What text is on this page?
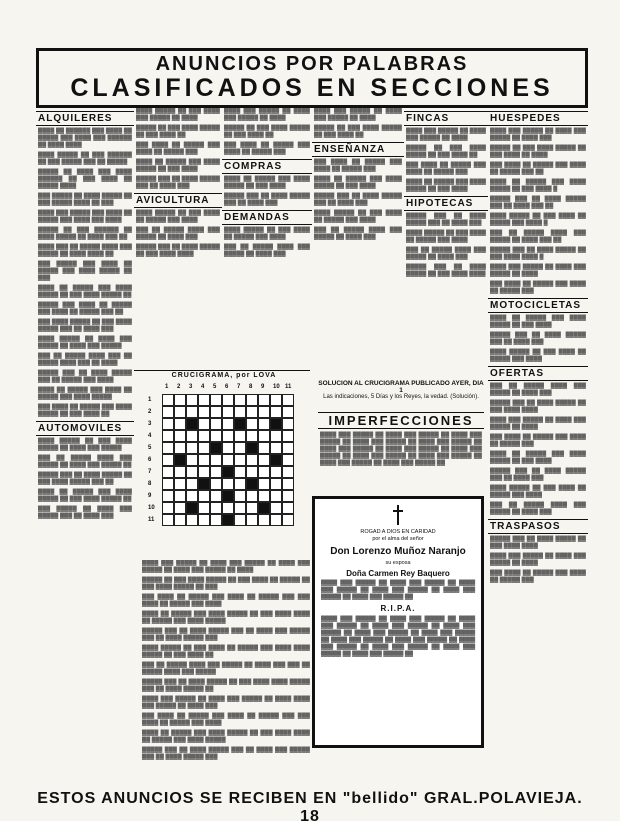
ANUNCIOS POR PALABRAS
CLASIFICADOS EN SECCIONES
ALQUILERES
▓▓▓▓ ▓▓ ▓▓▓▓▓▓ ▓▓▓ ▓▓▓▓ ▓▓ ▓▓▓▓▓ ▓▓▓ ▓▓▓▓ ▓▓▓ ▓▓▓▓▓▓ ▓▓ ▓▓▓▓ ▓▓▓▓
▓▓▓▓ ▓▓▓▓▓ ▓▓ ▓▓▓ ▓▓▓▓▓▓ ▓▓ ▓▓▓ ▓▓▓▓▓ ▓▓▓ ▓▓ ▓▓▓▓▓
▓▓▓▓▓ ▓▓ ▓▓▓▓ ▓▓▓ ▓▓▓▓ ▓▓▓▓▓▓ ▓▓ ▓▓▓ ▓▓▓▓ ▓▓ ▓▓▓▓▓ ▓▓▓▓
▓▓▓ ▓▓▓▓▓ ▓▓ ▓▓▓▓ ▓▓▓▓▓ ▓▓ ▓▓▓ ▓▓▓▓▓ ▓▓▓▓ ▓▓ ▓▓▓
▓▓▓▓ ▓▓▓ ▓▓▓▓▓ ▓▓▓ ▓▓▓▓ ▓▓ ▓▓▓▓▓ ▓▓▓ ▓▓▓▓ ▓▓▓ ▓▓▓▓
▓▓▓▓▓ ▓▓ ▓▓▓ ▓▓▓▓▓▓ ▓▓ ▓▓▓▓ ▓▓▓▓▓ ▓▓ ▓▓▓▓ ▓▓▓ ▓▓
▓▓▓▓ ▓▓▓ ▓▓ ▓▓▓▓▓ ▓▓▓▓ ▓▓▓ ▓▓▓▓▓ ▓▓ ▓▓▓▓ ▓▓▓▓ ▓▓
▓▓▓ ▓▓▓▓▓ ▓▓▓ ▓▓▓▓ ▓▓ ▓▓▓▓▓ ▓▓▓ ▓▓▓▓ ▓▓▓▓▓ ▓▓ ▓▓▓
▓▓▓▓ ▓▓ ▓▓▓▓▓ ▓▓▓ ▓▓▓▓ ▓▓▓▓▓ ▓▓ ▓▓▓ ▓▓▓▓ ▓▓▓▓▓ ▓▓
▓▓▓▓▓ ▓▓▓ ▓▓▓▓ ▓▓ ▓▓▓▓▓ ▓▓▓ ▓▓▓▓ ▓▓ ▓▓▓▓▓ ▓▓▓ ▓▓
▓▓▓ ▓▓▓▓ ▓▓▓▓▓ ▓▓ ▓▓▓ ▓▓▓▓ ▓▓▓▓▓ ▓▓▓ ▓▓ ▓▓▓▓ ▓▓▓
▓▓▓▓ ▓▓▓▓▓ ▓▓ ▓▓▓▓ ▓▓▓ ▓▓▓▓▓ ▓▓ ▓▓▓▓ ▓▓▓ ▓▓▓▓▓
▓▓▓ ▓▓ ▓▓▓▓▓ ▓▓▓▓ ▓▓▓ ▓▓ ▓▓▓▓▓ ▓▓▓▓ ▓▓▓ ▓▓ ▓▓▓▓
▓▓▓▓▓ ▓▓▓ ▓▓ ▓▓▓▓ ▓▓▓▓▓ ▓▓▓ ▓▓ ▓▓▓▓▓ ▓▓▓ ▓▓▓▓
▓▓▓▓ ▓▓ ▓▓▓▓▓ ▓▓▓ ▓▓▓▓ ▓▓ ▓▓▓▓▓ ▓▓▓ ▓▓▓▓ ▓▓▓▓▓
▓▓▓ ▓▓▓▓ ▓▓ ▓▓▓▓▓ ▓▓▓ ▓▓▓▓ ▓▓▓▓▓ ▓▓ ▓▓▓ ▓▓▓▓ ▓▓
AUTOMOVILES
▓▓▓▓ ▓▓▓▓▓ ▓▓ ▓▓▓ ▓▓▓▓ ▓▓▓▓▓ ▓▓ ▓▓▓▓ ▓▓▓ ▓▓▓▓▓
▓▓▓ ▓▓ ▓▓▓▓▓ ▓▓▓▓ ▓▓▓ ▓▓▓▓▓ ▓▓ ▓▓▓▓ ▓▓▓ ▓▓▓▓▓ ▓▓
▓▓▓▓▓ ▓▓▓ ▓▓ ▓▓▓▓ ▓▓▓▓▓ ▓▓ ▓▓▓ ▓▓▓▓ ▓▓▓▓▓ ▓▓▓ ▓▓
▓▓▓▓ ▓▓ ▓▓▓▓▓ ▓▓▓ ▓▓▓▓ ▓▓▓▓▓ ▓▓ ▓▓▓ ▓▓▓▓ ▓▓▓▓▓ ▓▓
▓▓▓ ▓▓▓▓▓ ▓▓ ▓▓▓▓ ▓▓▓ ▓▓▓▓▓ ▓▓▓ ▓▓ ▓▓▓▓ ▓▓▓
▓▓▓▓ ▓▓▓▓▓ ▓▓ ▓▓▓ ▓▓▓▓ ▓▓▓ ▓▓▓▓▓ ▓▓ ▓▓▓▓
▓▓▓▓▓ ▓▓ ▓▓▓ ▓▓▓▓ ▓▓▓▓▓ ▓▓ ▓▓▓ ▓▓▓▓ ▓▓
▓▓▓ ▓▓▓▓ ▓▓ ▓▓▓▓▓ ▓▓▓ ▓▓▓▓ ▓▓ ▓▓▓▓▓ ▓▓▓
▓▓▓▓ ▓▓ ▓▓▓▓▓ ▓▓▓ ▓▓▓▓ ▓▓▓▓▓ ▓▓ ▓▓▓ ▓▓▓▓
▓▓▓▓▓ ▓▓▓ ▓▓ ▓▓▓▓ ▓▓▓▓▓ ▓▓▓ ▓▓ ▓▓▓▓ ▓▓▓
AVICULTURA
▓▓▓▓ ▓▓▓▓▓ ▓▓ ▓▓▓ ▓▓▓▓ ▓▓ ▓▓▓▓▓ ▓▓▓ ▓▓▓▓
▓▓▓ ▓▓ ▓▓▓▓▓ ▓▓▓▓ ▓▓▓ ▓▓▓▓▓ ▓▓ ▓▓▓▓ ▓▓▓
▓▓▓▓▓ ▓▓▓ ▓▓ ▓▓▓▓ ▓▓▓▓▓ ▓▓ ▓▓▓ ▓▓▓▓ ▓▓▓▓
▓▓▓▓ ▓▓▓ ▓▓▓▓▓ ▓▓ ▓▓▓▓ ▓▓▓ ▓▓▓▓▓ ▓▓ ▓▓▓▓
▓▓▓▓▓ ▓▓ ▓▓▓ ▓▓▓▓ ▓▓▓▓▓ ▓▓ ▓▓▓ ▓▓▓▓ ▓▓
▓▓▓ ▓▓▓▓ ▓▓ ▓▓▓▓▓ ▓▓▓ ▓▓▓▓ ▓▓ ▓▓▓▓▓ ▓▓▓
COMPRAS
▓▓▓▓ ▓▓ ▓▓▓▓▓ ▓▓▓ ▓▓▓▓ ▓▓▓▓▓ ▓▓ ▓▓▓ ▓▓▓▓
▓▓▓▓▓ ▓▓▓ ▓▓ ▓▓▓▓ ▓▓▓▓▓ ▓▓▓ ▓▓ ▓▓▓▓ ▓▓▓
DEMANDAS
▓▓▓▓ ▓▓▓▓▓ ▓▓ ▓▓▓ ▓▓▓▓ ▓▓ ▓▓▓▓▓ ▓▓▓ ▓▓▓▓
▓▓▓ ▓▓ ▓▓▓▓▓ ▓▓▓▓ ▓▓▓ ▓▓▓▓▓ ▓▓ ▓▓▓▓ ▓▓▓
▓▓▓▓ ▓▓▓ ▓▓▓▓▓ ▓▓ ▓▓▓▓ ▓▓▓ ▓▓▓▓▓ ▓▓ ▓▓▓▓
▓▓▓▓▓ ▓▓ ▓▓▓ ▓▓▓▓ ▓▓▓▓▓ ▓▓ ▓▓▓ ▓▓▓▓ ▓▓
ENSEÑANZA
▓▓▓ ▓▓▓▓ ▓▓ ▓▓▓▓▓ ▓▓▓ ▓▓▓▓ ▓▓ ▓▓▓▓▓ ▓▓▓
▓▓▓▓ ▓▓ ▓▓▓▓▓ ▓▓▓ ▓▓▓▓ ▓▓▓▓▓ ▓▓ ▓▓▓ ▓▓▓▓
▓▓▓▓▓ ▓▓▓ ▓▓ ▓▓▓▓ ▓▓▓▓▓ ▓▓▓ ▓▓ ▓▓▓▓ ▓▓▓
▓▓▓▓ ▓▓▓▓▓ ▓▓ ▓▓▓ ▓▓▓▓ ▓▓ ▓▓▓▓▓ ▓▓▓ ▓▓▓▓
▓▓▓ ▓▓ ▓▓▓▓▓ ▓▓▓▓ ▓▓▓ ▓▓▓▓▓ ▓▓ ▓▓▓▓ ▓▓▓
FINCAS
▓▓▓▓ ▓▓▓ ▓▓▓▓▓ ▓▓ ▓▓▓▓ ▓▓▓ ▓▓▓▓▓ ▓▓ ▓▓▓▓
▓▓▓▓▓ ▓▓ ▓▓▓ ▓▓▓▓ ▓▓▓▓▓ ▓▓ ▓▓▓ ▓▓▓▓ ▓▓
▓▓▓ ▓▓▓▓ ▓▓ ▓▓▓▓▓ ▓▓▓ ▓▓▓▓ ▓▓ ▓▓▓▓▓ ▓▓▓
▓▓▓▓ ▓▓ ▓▓▓▓▓ ▓▓▓ ▓▓▓▓ ▓▓▓▓▓ ▓▓ ▓▓▓ ▓▓▓▓
HIPOTECAS
▓▓▓▓▓ ▓▓▓ ▓▓ ▓▓▓▓ ▓▓▓▓▓ ▓▓▓ ▓▓ ▓▓▓▓ ▓▓▓
▓▓▓▓ ▓▓▓▓▓ ▓▓ ▓▓▓ ▓▓▓▓ ▓▓ ▓▓▓▓▓ ▓▓▓ ▓▓▓▓
▓▓▓ ▓▓ ▓▓▓▓▓ ▓▓▓▓ ▓▓▓ ▓▓▓▓▓ ▓▓ ▓▓▓▓ ▓▓▓
▓▓▓▓▓ ▓▓▓ ▓▓ ▓▓▓▓ ▓▓▓▓▓ ▓▓ ▓▓▓ ▓▓▓▓ ▓▓▓▓
HUESPEDES
▓▓▓▓ ▓▓▓ ▓▓▓▓▓ ▓▓ ▓▓▓▓ ▓▓▓ ▓▓▓▓▓ ▓▓ ▓▓▓▓ ▓▓▓
▓▓▓▓▓ ▓▓ ▓▓▓ ▓▓▓▓ ▓▓▓▓▓ ▓▓ ▓▓▓ ▓▓▓▓ ▓▓ ▓▓▓▓
▓▓▓ ▓▓▓▓ ▓▓ ▓▓▓▓▓ ▓▓▓ ▓▓▓▓ ▓▓ ▓▓▓▓▓ ▓▓▓ ▓▓
▓▓▓▓ ▓▓ ▓▓▓▓▓ ▓▓▓ ▓▓▓▓ ▓▓▓▓▓ ▓▓ ▓▓▓ ▓▓▓▓ ▓
▓▓▓▓▓ ▓▓▓ ▓▓ ▓▓▓▓ ▓▓▓▓▓ ▓▓▓ ▓▓ ▓▓▓▓ ▓▓▓ ▓▓
▓▓▓▓ ▓▓▓▓▓ ▓▓ ▓▓▓ ▓▓▓▓ ▓▓ ▓▓▓▓▓ ▓▓▓ ▓▓▓▓ ▓
▓▓▓ ▓▓ ▓▓▓▓▓ ▓▓▓▓ ▓▓▓ ▓▓▓▓▓ ▓▓ ▓▓▓▓ ▓▓▓ ▓▓
▓▓▓▓▓ ▓▓▓ ▓▓ ▓▓▓▓ ▓▓▓▓▓ ▓▓ ▓▓▓ ▓▓▓▓ ▓▓▓▓ ▓
▓▓▓▓ ▓▓▓ ▓▓▓▓▓ ▓▓ ▓▓▓▓ ▓▓▓ ▓▓▓▓▓ ▓▓ ▓▓▓▓
▓▓▓ ▓▓▓▓ ▓▓ ▓▓▓▓▓ ▓▓▓ ▓▓▓▓ ▓▓ ▓▓▓▓▓ ▓▓▓
MOTOCICLETAS
▓▓▓▓ ▓▓ ▓▓▓▓▓ ▓▓▓ ▓▓▓▓ ▓▓▓▓▓ ▓▓ ▓▓▓ ▓▓▓▓
▓▓▓▓▓ ▓▓▓ ▓▓ ▓▓▓▓ ▓▓▓▓▓ ▓▓▓ ▓▓ ▓▓▓▓ ▓▓▓
▓▓▓▓ ▓▓▓▓▓ ▓▓ ▓▓▓ ▓▓▓▓ ▓▓ ▓▓▓▓▓ ▓▓▓ ▓▓▓▓
OFERTAS
▓▓▓ ▓▓ ▓▓▓▓▓ ▓▓▓▓ ▓▓▓ ▓▓▓▓▓ ▓▓ ▓▓▓▓ ▓▓▓
▓▓▓▓▓ ▓▓▓ ▓▓ ▓▓▓▓ ▓▓▓▓▓ ▓▓ ▓▓▓ ▓▓▓▓ ▓▓▓▓
▓▓▓▓ ▓▓▓ ▓▓▓▓▓ ▓▓ ▓▓▓▓ ▓▓▓ ▓▓▓▓▓ ▓▓ ▓▓▓▓
▓▓▓ ▓▓▓▓ ▓▓ ▓▓▓▓▓ ▓▓▓ ▓▓▓▓ ▓▓ ▓▓▓▓▓ ▓▓▓
▓▓▓▓ ▓▓ ▓▓▓▓▓ ▓▓▓ ▓▓▓▓ ▓▓▓▓▓ ▓▓ ▓▓▓ ▓▓▓▓
▓▓▓▓▓ ▓▓▓ ▓▓ ▓▓▓▓ ▓▓▓▓▓ ▓▓▓ ▓▓ ▓▓▓▓ ▓▓▓
▓▓▓▓ ▓▓▓▓▓ ▓▓ ▓▓▓ ▓▓▓▓ ▓▓ ▓▓▓▓▓ ▓▓▓ ▓▓▓▓
▓▓▓ ▓▓ ▓▓▓▓▓ ▓▓▓▓ ▓▓▓ ▓▓▓▓▓ ▓▓ ▓▓▓▓ ▓▓▓
TRASPASOS
▓▓▓▓▓ ▓▓▓ ▓▓ ▓▓▓▓ ▓▓▓▓▓ ▓▓ ▓▓▓ ▓▓▓▓ ▓▓▓▓
▓▓▓▓ ▓▓▓ ▓▓▓▓▓ ▓▓ ▓▓▓▓ ▓▓▓ ▓▓▓▓▓ ▓▓ ▓▓▓▓
▓▓▓ ▓▓▓▓ ▓▓ ▓▓▓▓▓ ▓▓▓ ▓▓▓▓ ▓▓ ▓▓▓▓▓ ▓▓▓
CRUCIGRAMA, por LOVA
1 2 3 4 5 6 7 8 9 10 11
1
2
3
4
5
6
7
8
9
10
11
▓▓▓▓ ▓▓▓ ▓▓▓▓▓ ▓▓ ▓▓▓▓ ▓▓▓ ▓▓▓▓▓ ▓▓ ▓▓▓▓ ▓▓▓ ▓▓▓▓▓ ▓▓ ▓▓▓▓ ▓▓▓ ▓▓▓▓▓ ▓▓ ▓▓▓▓
▓▓▓▓▓ ▓▓ ▓▓▓ ▓▓▓▓ ▓▓▓▓▓ ▓▓ ▓▓▓ ▓▓▓▓ ▓▓ ▓▓▓▓▓ ▓▓ ▓▓▓ ▓▓▓▓ ▓▓▓▓▓ ▓▓ ▓▓▓
▓▓▓ ▓▓▓▓ ▓▓ ▓▓▓▓▓ ▓▓▓ ▓▓▓▓ ▓▓ ▓▓▓▓▓ ▓▓▓ ▓▓▓ ▓▓▓▓ ▓▓ ▓▓▓▓▓ ▓▓▓ ▓▓▓▓
▓▓▓▓ ▓▓ ▓▓▓▓▓ ▓▓▓ ▓▓▓▓ ▓▓▓▓▓ ▓▓ ▓▓▓ ▓▓▓▓ ▓▓▓▓ ▓▓ ▓▓▓▓▓ ▓▓▓ ▓▓▓▓ ▓▓▓▓▓
▓▓▓▓▓ ▓▓▓ ▓▓ ▓▓▓▓ ▓▓▓▓▓ ▓▓▓ ▓▓ ▓▓▓▓ ▓▓▓ ▓▓▓▓▓ ▓▓▓ ▓▓ ▓▓▓▓ ▓▓▓▓▓ ▓▓▓
▓▓▓▓ ▓▓▓▓▓ ▓▓ ▓▓▓ ▓▓▓▓ ▓▓ ▓▓▓▓▓ ▓▓▓ ▓▓▓▓ ▓▓▓▓ ▓▓▓▓▓ ▓▓ ▓▓▓ ▓▓▓▓ ▓▓
▓▓▓ ▓▓ ▓▓▓▓▓ ▓▓▓▓ ▓▓▓ ▓▓▓▓▓ ▓▓ ▓▓▓▓ ▓▓▓ ▓▓▓ ▓▓ ▓▓▓▓▓ ▓▓▓▓ ▓▓▓ ▓▓▓▓▓
▓▓▓▓▓ ▓▓▓ ▓▓ ▓▓▓▓ ▓▓▓▓▓ ▓▓ ▓▓▓ ▓▓▓▓ ▓▓▓▓ ▓▓▓▓▓ ▓▓▓ ▓▓ ▓▓▓▓ ▓▓▓▓▓ ▓▓
▓▓▓▓ ▓▓▓ ▓▓▓▓▓ ▓▓ ▓▓▓▓ ▓▓▓ ▓▓▓▓▓ ▓▓ ▓▓▓▓ ▓▓▓▓ ▓▓▓ ▓▓▓▓▓ ▓▓ ▓▓▓▓ ▓▓▓
▓▓▓ ▓▓▓▓ ▓▓ ▓▓▓▓▓ ▓▓▓ ▓▓▓▓ ▓▓ ▓▓▓▓▓ ▓▓▓ ▓▓▓ ▓▓▓▓ ▓▓ ▓▓▓▓▓ ▓▓▓ ▓▓▓▓
▓▓▓▓ ▓▓ ▓▓▓▓▓ ▓▓▓ ▓▓▓▓ ▓▓▓▓▓ ▓▓ ▓▓▓ ▓▓▓▓ ▓▓▓▓ ▓▓ ▓▓▓▓▓ ▓▓▓ ▓▓▓▓ ▓▓▓▓▓
▓▓▓▓▓ ▓▓▓ ▓▓ ▓▓▓▓ ▓▓▓▓▓ ▓▓▓ ▓▓ ▓▓▓▓ ▓▓▓ ▓▓▓▓▓ ▓▓▓ ▓▓ ▓▓▓▓ ▓▓▓▓▓ ▓▓▓
SOLUCION AL CRUCIGRAMA PUBLICADO AYER, DIA 1
Las indicaciones, 5 Días y los Reyes, la vedad. (Solución).
IMPERFECCIONES
▓▓▓▓ ▓▓▓ ▓▓▓▓▓ ▓▓ ▓▓▓▓ ▓▓▓ ▓▓▓▓▓ ▓▓ ▓▓▓▓ ▓▓▓ ▓▓▓▓▓ ▓▓ ▓▓▓▓ ▓▓▓ ▓▓▓▓▓ ▓▓ ▓▓▓▓ ▓▓▓ ▓▓▓▓▓ ▓▓ ▓▓▓▓ ▓▓▓ ▓▓▓▓▓ ▓▓ ▓▓▓▓ ▓▓▓ ▓▓▓▓▓ ▓▓ ▓▓▓▓ ▓▓▓ ▓▓▓▓▓ ▓▓ ▓▓▓▓ ▓▓▓ ▓▓▓▓▓ ▓▓ ▓▓▓▓ ▓▓▓ ▓▓▓▓▓ ▓▓ ▓▓▓▓ ▓▓▓ ▓▓▓▓▓ ▓▓ ▓▓▓▓ ▓▓▓ ▓▓▓▓▓ ▓▓
ROGAD A DIOS EN CARIDAD
por el alma del señor
Don Lorenzo Muñoz Naranjo
su esposa
Doña Carmen Rey Baquero
▓▓▓▓ ▓▓▓ ▓▓▓▓▓ ▓▓ ▓▓▓▓ ▓▓▓ ▓▓▓▓▓ ▓▓ ▓▓▓▓ ▓▓▓ ▓▓▓▓▓ ▓▓ ▓▓▓▓ ▓▓▓ ▓▓▓▓▓ ▓▓ ▓▓▓▓ ▓▓▓ ▓▓▓▓▓ ▓▓ ▓▓▓▓ ▓▓▓ ▓▓▓▓▓ ▓▓
R.I.P.A.
▓▓▓▓ ▓▓▓ ▓▓▓▓▓ ▓▓ ▓▓▓▓ ▓▓▓ ▓▓▓▓▓ ▓▓ ▓▓▓▓ ▓▓▓ ▓▓▓▓▓ ▓▓ ▓▓▓▓ ▓▓▓ ▓▓▓▓▓ ▓▓ ▓▓▓▓ ▓▓▓ ▓▓▓▓▓ ▓▓ ▓▓▓▓ ▓▓▓ ▓▓▓▓▓ ▓▓ ▓▓▓▓ ▓▓▓ ▓▓▓▓▓ ▓▓ ▓▓▓▓ ▓▓▓ ▓▓▓▓▓ ▓▓ ▓▓▓▓ ▓▓▓ ▓▓▓▓▓ ▓▓ ▓▓▓▓ ▓▓▓ ▓▓▓▓▓ ▓▓ ▓▓▓▓ ▓▓▓ ▓▓▓▓▓ ▓▓ ▓▓▓▓ ▓▓▓ ▓▓▓▓▓ ▓▓ ▓▓▓▓ ▓▓▓ ▓▓▓▓▓ ▓▓
ESTOS ANUNCIOS SE RECIBEN EN "bellido" GRAL.POLAVIEJA. 18
